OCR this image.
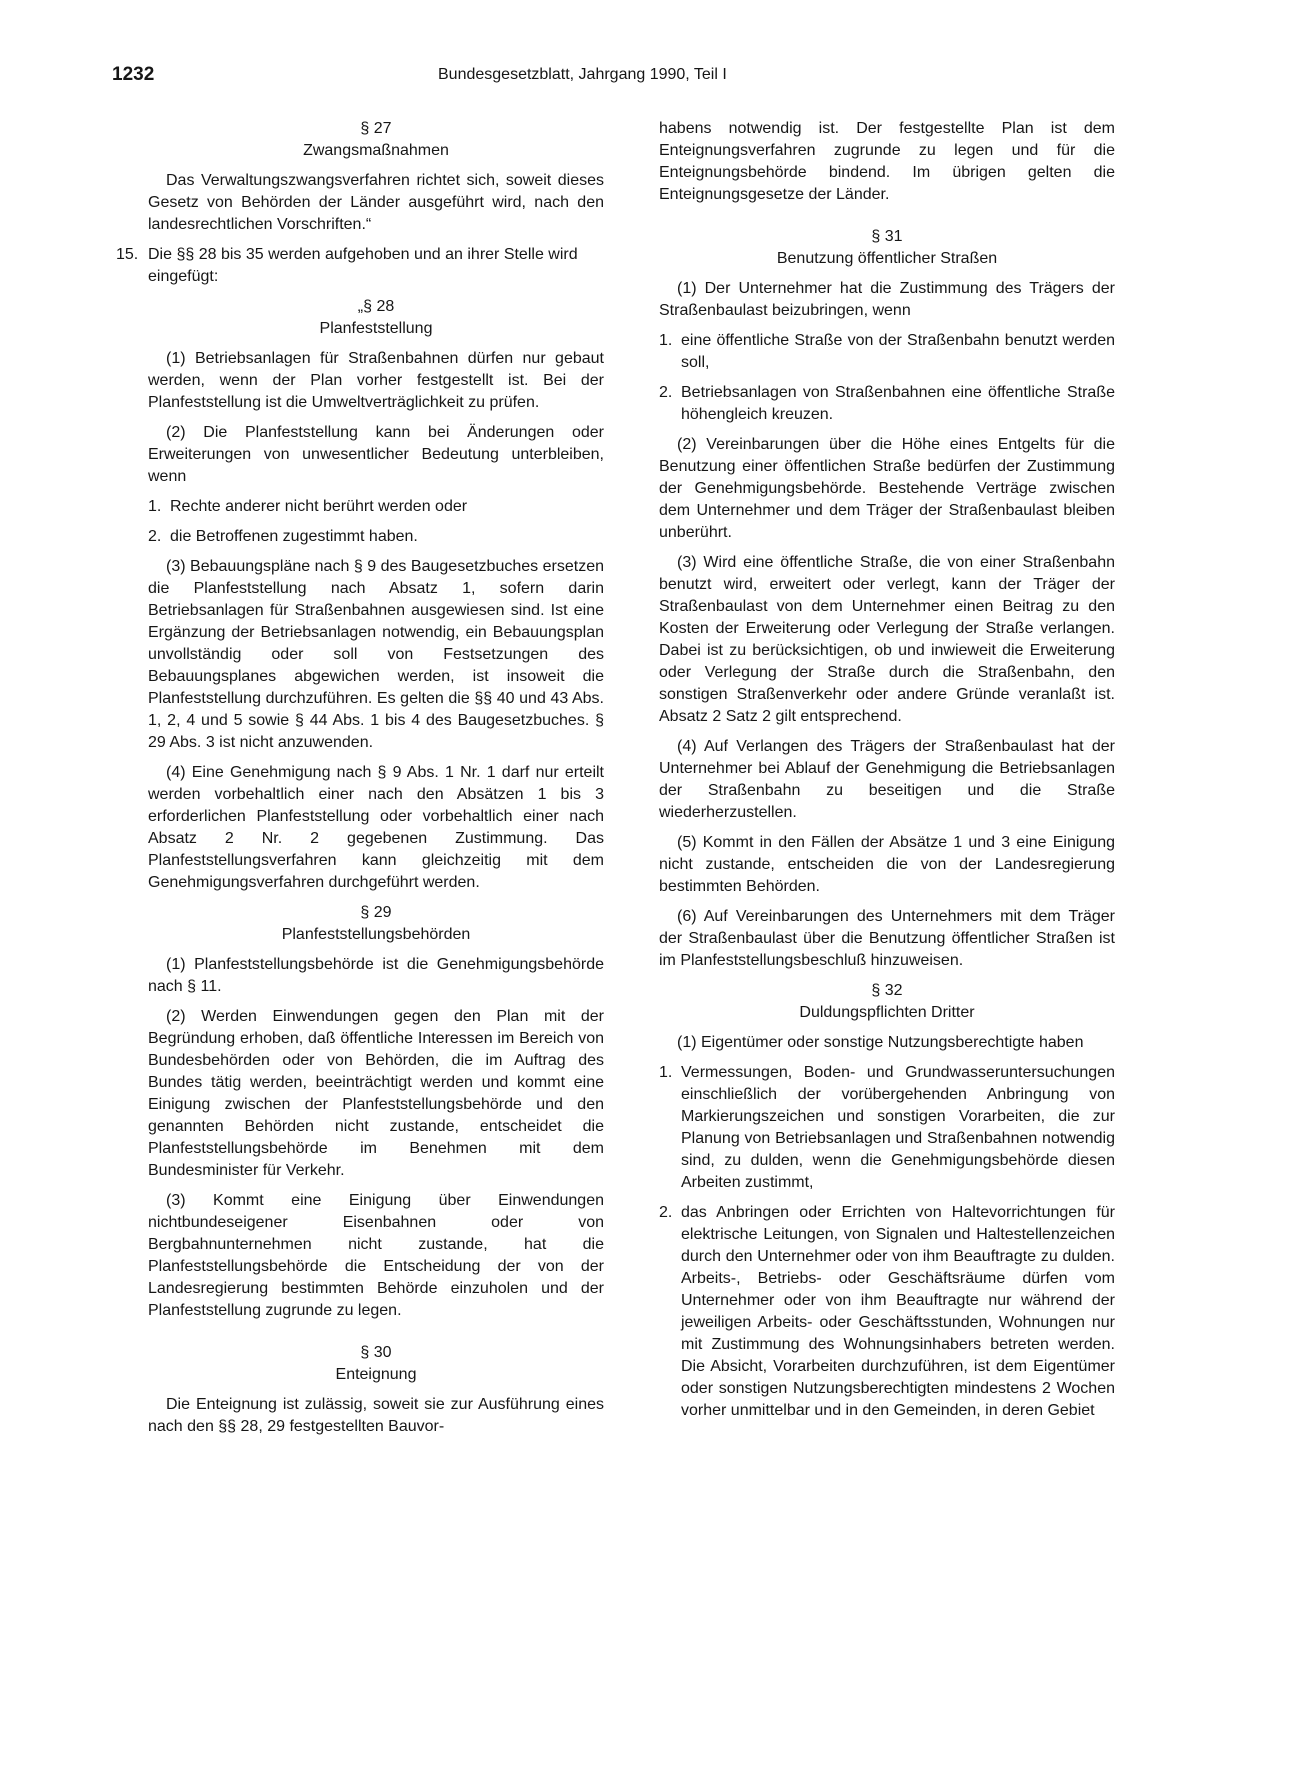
1232	Bundesgesetzblatt, Jahrgang 1990, Teil I
§ 27
Zwangsmaßnahmen

Das Verwaltungszwangsverfahren richtet sich, soweit dieses Gesetz von Behörden der Länder ausgeführt wird, nach den landesrechtlichen Vorschriften.“

15. Die §§ 28 bis 35 werden aufgehoben und an ihrer Stelle wird eingefügt:
„§ 28
Planfeststellung

(1) Betriebsanlagen für Straßenbahnen dürfen nur gebaut werden, wenn der Plan vorher festgestellt ist. Bei der Planfeststellung ist die Umweltverträglichkeit zu prüfen.

(2) Die Planfeststellung kann bei Änderungen oder Erweiterungen von unwesentlicher Bedeutung unterbleiben, wenn

1. Rechte anderer nicht berührt werden oder
2. die Betroffenen zugestimmt haben.

(3) Bebauungspläne nach § 9 des Baugesetzbuches ersetzen die Planfeststellung nach Absatz 1, sofern darin Betriebsanlagen für Straßenbahnen ausgewiesen sind. Ist eine Ergänzung der Betriebsanlagen notwendig, ein Bebauungsplan unvollständig oder soll von Festsetzungen des Bebauungsplanes abgewichen werden, ist insoweit die Planfeststellung durchzuführen. Es gelten die §§ 40 und 43 Abs. 1, 2, 4 und 5 sowie § 44 Abs. 1 bis 4 des Baugesetzbuches. § 29 Abs. 3 ist nicht anzuwenden.

(4) Eine Genehmigung nach § 9 Abs. 1 Nr. 1 darf nur erteilt werden vorbehaltlich einer nach den Absätzen 1 bis 3 erforderlichen Planfeststellung oder vorbehaltlich einer nach Absatz 2 Nr. 2 gegebenen Zustimmung. Das Planfeststellungsverfahren kann gleichzeitig mit dem Genehmigungsverfahren durchgeführt werden.

§ 29
Planfeststellungsbehörden

(1) Planfeststellungsbehörde ist die Genehmigungsbehörde nach § 11.

(2) Werden Einwendungen gegen den Plan mit der Begründung erhoben, daß öffentliche Interessen im Bereich von Bundesbehörden oder von Behörden, die im Auftrag des Bundes tätig werden, beeinträchtigt werden und kommt eine Einigung zwischen der Planfeststellungsbehörde und den genannten Behörden nicht zustande, entscheidet die Planfeststellungsbehörde im Benehmen mit dem Bundesminister für Verkehr.

(3) Kommt eine Einigung über Einwendungen nichtbundeseigener Eisenbahnen oder von Bergbahnunternehmen nicht zustande, hat die Planfeststellungsbehörde die Entscheidung der von der Landesregierung bestimmten Behörde einzuholen und der Planfeststellung zugrunde zu legen.

§ 30
Enteignung

Die Enteignung ist zulässig, soweit sie zur Ausführung eines nach den §§ 28, 29 festgestellten Bauvor-

habens notwendig ist. Der festgestellte Plan ist dem Enteignungsverfahren zugrunde zu legen und für die Enteignungsbehörde bindend. Im übrigen gelten die Enteignungsgesetze der Länder.

§ 31
Benutzung öffentlicher Straßen

(1) Der Unternehmer hat die Zustimmung des Trägers der Straßenbaulast beizubringen, wenn

1. eine öffentliche Straße von der Straßenbahn benutzt werden soll,
2. Betriebsanlagen von Straßenbahnen eine öffentliche Straße höhengleich kreuzen.

(2) Vereinbarungen über die Höhe eines Entgelts für die Benutzung einer öffentlichen Straße bedürfen der Zustimmung der Genehmigungsbehörde. Bestehende Verträge zwischen dem Unternehmer und dem Träger der Straßenbaulast bleiben unberührt.

(3) Wird eine öffentliche Straße, die von einer Straßenbahn benutzt wird, erweitert oder verlegt, kann der Träger der Straßenbaulast von dem Unternehmer einen Beitrag zu den Kosten der Erweiterung oder Verlegung der Straße verlangen. Dabei ist zu berücksichtigen, ob und inwieweit die Erweiterung oder Verlegung der Straße durch die Straßenbahn, den sonstigen Straßenverkehr oder andere Gründe veranlaßt ist. Absatz 2 Satz 2 gilt entsprechend.

(4) Auf Verlangen des Trägers der Straßenbaulast hat der Unternehmer bei Ablauf der Genehmigung die Betriebsanlagen der Straßenbahn zu beseitigen und die Straße wiederherzustellen.

(5) Kommt in den Fällen der Absätze 1 und 3 eine Einigung nicht zustande, entscheiden die von der Landesregierung bestimmten Behörden.

(6) Auf Vereinbarungen des Unternehmers mit dem Träger der Straßenbaulast über die Benutzung öffentlicher Straßen ist im Planfeststellungsbeschluß hinzuweisen.

§ 32
Duldungspflichten Dritter

(1) Eigentümer oder sonstige Nutzungsberechtigte haben

1. Vermessungen, Boden- und Grundwasseruntersuchungen einschließlich der vorübergehenden Anbringung von Markierungszeichen und sonstigen Vorarbeiten, die zur Planung von Betriebsanlagen und Straßenbahnen notwendig sind, zu dulden, wenn die Genehmigungsbehörde diesen Arbeiten zustimmt,
2. das Anbringen oder Errichten von Haltevorrichtungen für elektrische Leitungen, von Signalen und Haltestellenzeichen durch den Unternehmer oder von ihm Beauftragte zu dulden. Arbeits-, Betriebs- oder Geschäftsräume dürfen vom Unternehmer oder von ihm Beauftragte nur während der jeweiligen Arbeits- oder Geschäftsstunden, Wohnungen nur mit Zustimmung des Wohnungsinhabers betreten werden. Die Absicht, Vorarbeiten durchzuführen, ist dem Eigentümer oder sonstigen Nutzungsberechtigten mindestens 2 Wochen vorher unmittelbar und in den Gemeinden, in deren Gebiet
